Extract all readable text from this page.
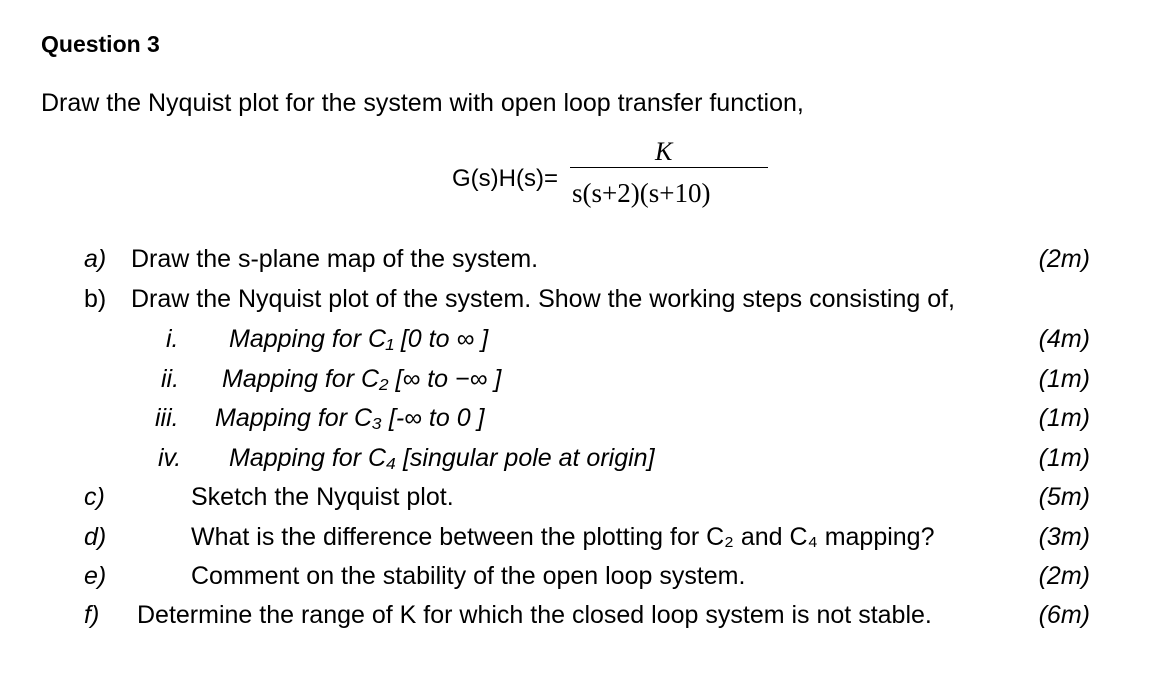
Question 3
Draw the Nyquist plot for the system with open loop transfer function,
G(s)H(s)=
K
s(s+2)(s+10)
a) Draw the s-plane map of the system.	(2m)
b) Draw the Nyquist plot of the system. Show the working steps consisting of,
i. Mapping for C₁ [0 to ∞ ]	(4m)
ii. Mapping for C₂ [∞ to −∞ ]	(1m)
iii. Mapping for C₃ [-∞ to 0 ]	(1m)
iv. Mapping for C₄ [singular pole at origin]	(1m)
c)	Sketch the Nyquist plot.	(5m)
d)	What is the difference between the plotting for C₂ and C₄ mapping?	(3m)
e)	Comment on the stability of the open loop system.	(2m)
f) Determine the range of K for which the closed loop system is not stable.	(6m)
